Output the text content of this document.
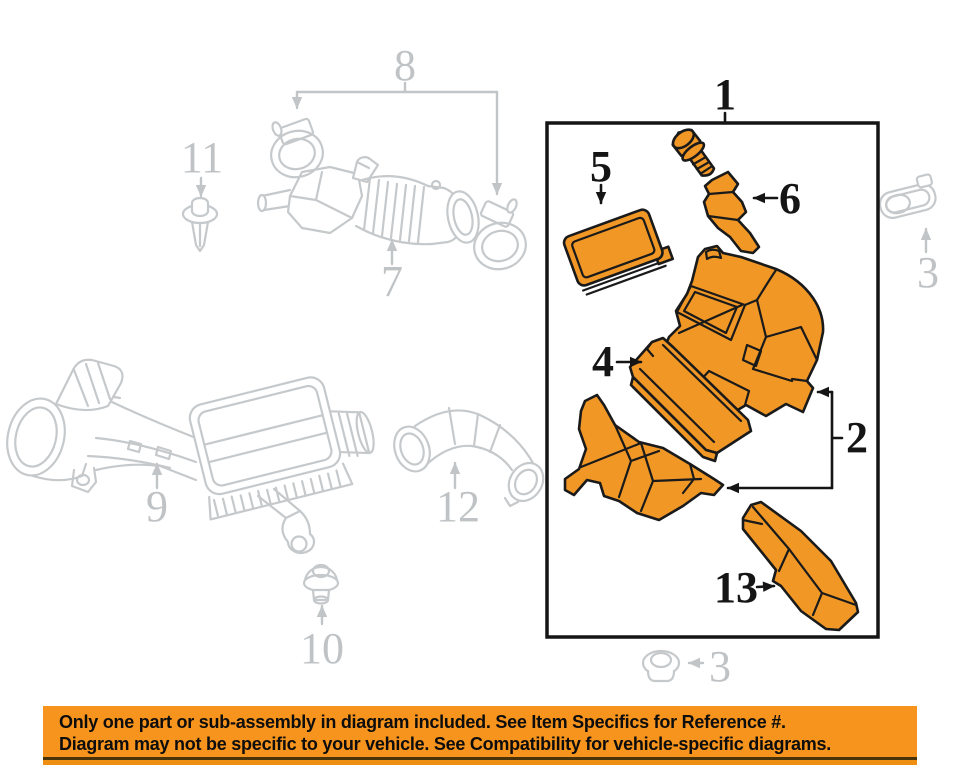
1
2
4
5
6
13
7
8
9
10
11
12
3
3
Only one part or sub-assembly in diagram included. See Item Specifics for Reference #.
Diagram may not be specific to your vehicle. See Compatibility for vehicle-specific diagrams.
